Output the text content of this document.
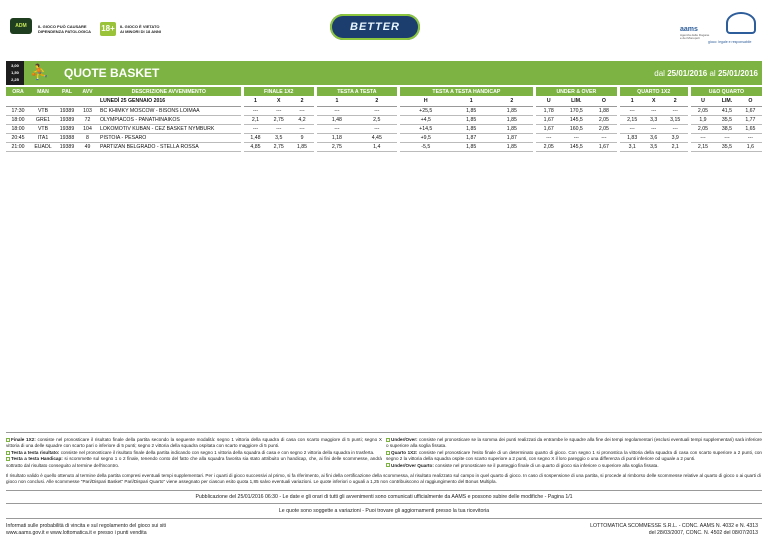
ADM	IL GIOCO PUÒ CAUSARE
DIPENDENZA PATOLOGICA 18+	IL GIOCO È VIETATO
AI MINORI DI 18 ANNI	BETTER	aams
Agenzia delle Dogane
e dei Monopoli
gioco: legale e responsabile
3,00
1,50
2,25 ⛹ QUOTE BASKET	dal 25/01/2016 al 25/01/2016
ORA	MAN	PAL	AVV	DESCRIZIONE AVVENIMENTO	FINALE 1X2			TESTA A TESTA		TESTA A TESTA HANDICAP			UNDER & OVER			QUARTO 1X2			U&O QUARTO		
				LUNEDÌ 25 GENNAIO 2016	1	X	2	1	2	H	1	2	U	LIM.	O	1	X	2	U	LIM.	O
17:30	VTB	19389	103	BC KHIMKY MOSCOW - BISONS LOIMAA	---	---	---	---	---	+25,5	1,85	1,85	1,78	170,5	1,88	---	---	---	2,05	41,5	1,67
18:00	GRE1	19389	72	OLYMPIACOS - PANATHINAIKOS	2,1	2,75	4,2	1,48	2,5	+4,5	1,85	1,85	1,67	145,5	2,05	2,15	3,3	3,15	1,9	35,5	1,77
18:00	VTB	19389	104	LOKOMOTIV KUBAN - CEZ BASKET NYMBURK	---	---	---	---	---	+14,5	1,85	1,85	1,67	160,5	2,05	---	---	---	2,05	38,5	1,65
20:45	ITA1	19388	8	PISTOIA - PESARO	1,48	3,5	9	1,18	4,45	+9,5	1,87	1,87	---	---	---	1,83	3,6	3,9	---	---	---
21:00	EUADL	19389	49	PARTIZAN BELGRADO - STELLA ROSSA	4,85	2,75	1,85	2,75	1,4	-5,5	1,85	1,85	2,05	145,5	1,67	3,1	3,5	2,1	2,15	35,5	1,6
Finale 1X2: consiste nel pronosticare il risultato finale della partita secondo la seguente modalità: segno 1 vittoria della squadra di casa con scarto maggiore di 5 punti; segno X vittoria di una delle squadre con scarto pari o inferiore di 5 punti; segno 2 vittoria della squadra ospitata con scarto maggiore di 5 punti.
Testa a testa risultato: consiste nel pronosticare il risultato finale della partita indicando con segno 1 vittoria della squadra di casa e con segno 2 vittoria della squadra in trasferta.
Testa a testa Handicap: si scommette sul segno 1 o 2 finale, tenendo conto del fatto che alla squadra favorita sia stato attribuito un handicap, che, ai fini delle scommesse, andrà sottratto dal risultato conseguito al termine dell'incontro.
Under/Over: consiste nel pronosticare se la somma dei punti realizzati da entrambe le squadre alla fine dei tempi regolamentari (esclusi eventuali tempi supplementari) sarà inferiore o superiore alla soglia fissata.
Quarto 1X2: consiste nel pronosticare l'esito finale di un determinato quarto di gioco. Con segno 1 si pronostica la vittoria della squadra di casa con scarto superiore a 2 punti, con segno 2 la vittoria della squadra ospite con scarto superiore a 2 punti, con segno X il loro pareggio o una differenza di punti inferiore od uguale a 2 punti.
Under/Over Quarto: consiste nel pronosticare se il punteggio finale di un quarto di gioco sia inferiore o superiore alla soglia fissata.
Il risultato valido è quello ottenuto al termine della partita compresi eventuali tempi supplementari. Per i quarti di gioco successivi al primo, si fa riferimento, ai fini della certificazione della scommessa, al risultato realizzato sul campo in quel quarto di gioco. In caso di sospensione di una partita, si procede al rimborso delle scommesse relative al quarto di gioco o ai quarti di gioco non conclusi. Alle scommesse "Pari/Dispari Basket" Pari/Dispari Quarto" viene assegnato per ciascun esito quota 1,85 salvo eventuali variazioni. Le quote inferiori o uguali a 1,25 non contribuiscono al raggiungimento del Bonus Multipla.
Pubblicazione del 25/01/2016 06:30 - Le date e gli orari di tutti gli avvenimenti sono comunicati ufficialmente da AAMS e possono subire delle modifiche - Pagina 1/1
Le quote sono soggette a variazioni - Puoi trovare gli aggiornamenti presso la tua ricevitoria
Informati sulle probabilità di vincita e sul regolamento del gioco sui siti
www.aams.gov.it e www.lottomatica.it e presso i punti vendita
LOTTOMATICA SCOMMESSE S.R.L. - CONC. AAMS N. 4032 e N. 4313
del 28/03/2007, CONC. N. 4502 del 08/07/2013
